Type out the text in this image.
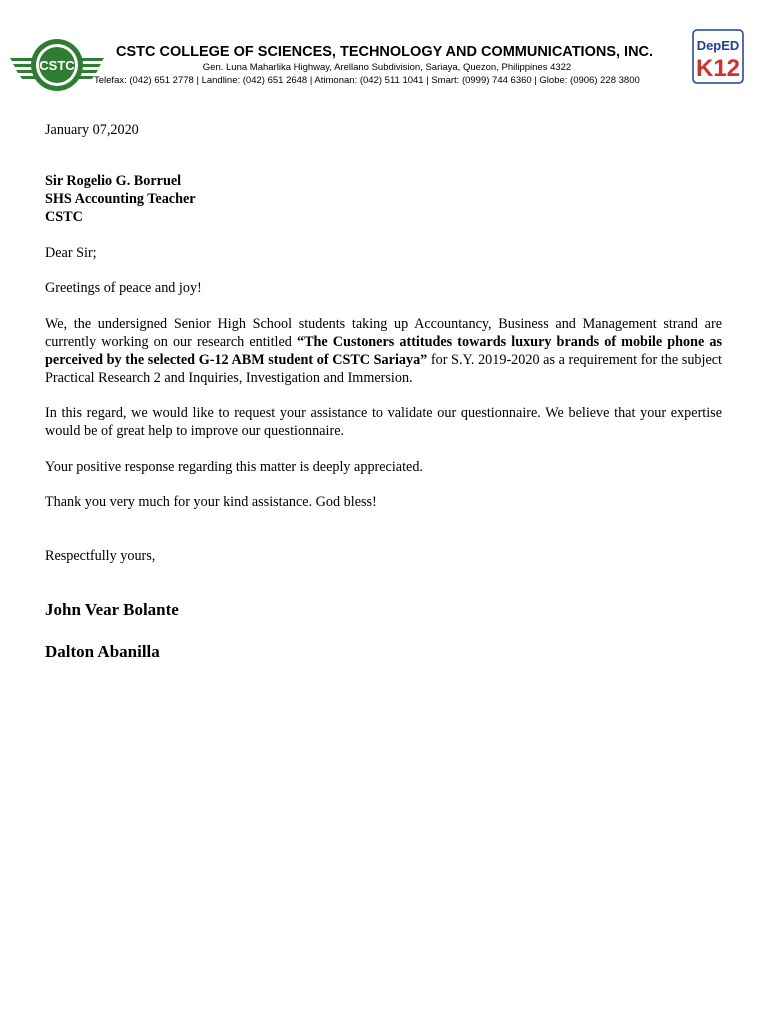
CSTC
CSTC COLLEGE OF SCIENCES, TECHNOLOGY AND COMMUNICATIONS, INC.
Gen. Luna Maharlika Highway, Arellano Subdivision, Sariaya, Quezon, Philippines 4322
Telefax: (042) 651 2778 | Landline: (042) 651 2648 | Atimonan: (042) 511 1041 | Smart: (0999) 744 6360 | Globe: (0906) 228 3800
DepED
K12
January 07,2020
Sir Rogelio G. Borruel
SHS Accounting Teacher
CSTC
Dear Sir;
Greetings of peace and joy!
We, the undersigned Senior High School students taking up Accountancy, Business and Management strand are currently working on our research entitled “The Custoners attitudes towards luxury brands of mobile phone as perceived by the selected G-12 ABM student of CSTC Sariaya” for S.Y. 2019-2020 as a requirement for the subject Practical Research 2 and Inquiries, Investigation and Immersion.
In this regard, we would like to request your assistance to validate our questionnaire. We believe that your expertise would be of great help to improve our questionnaire.
Your positive response regarding this matter is deeply appreciated.
Thank you very much for your kind assistance. God bless!
Respectfully yours,
John Vear Bolante
Dalton Abanilla
